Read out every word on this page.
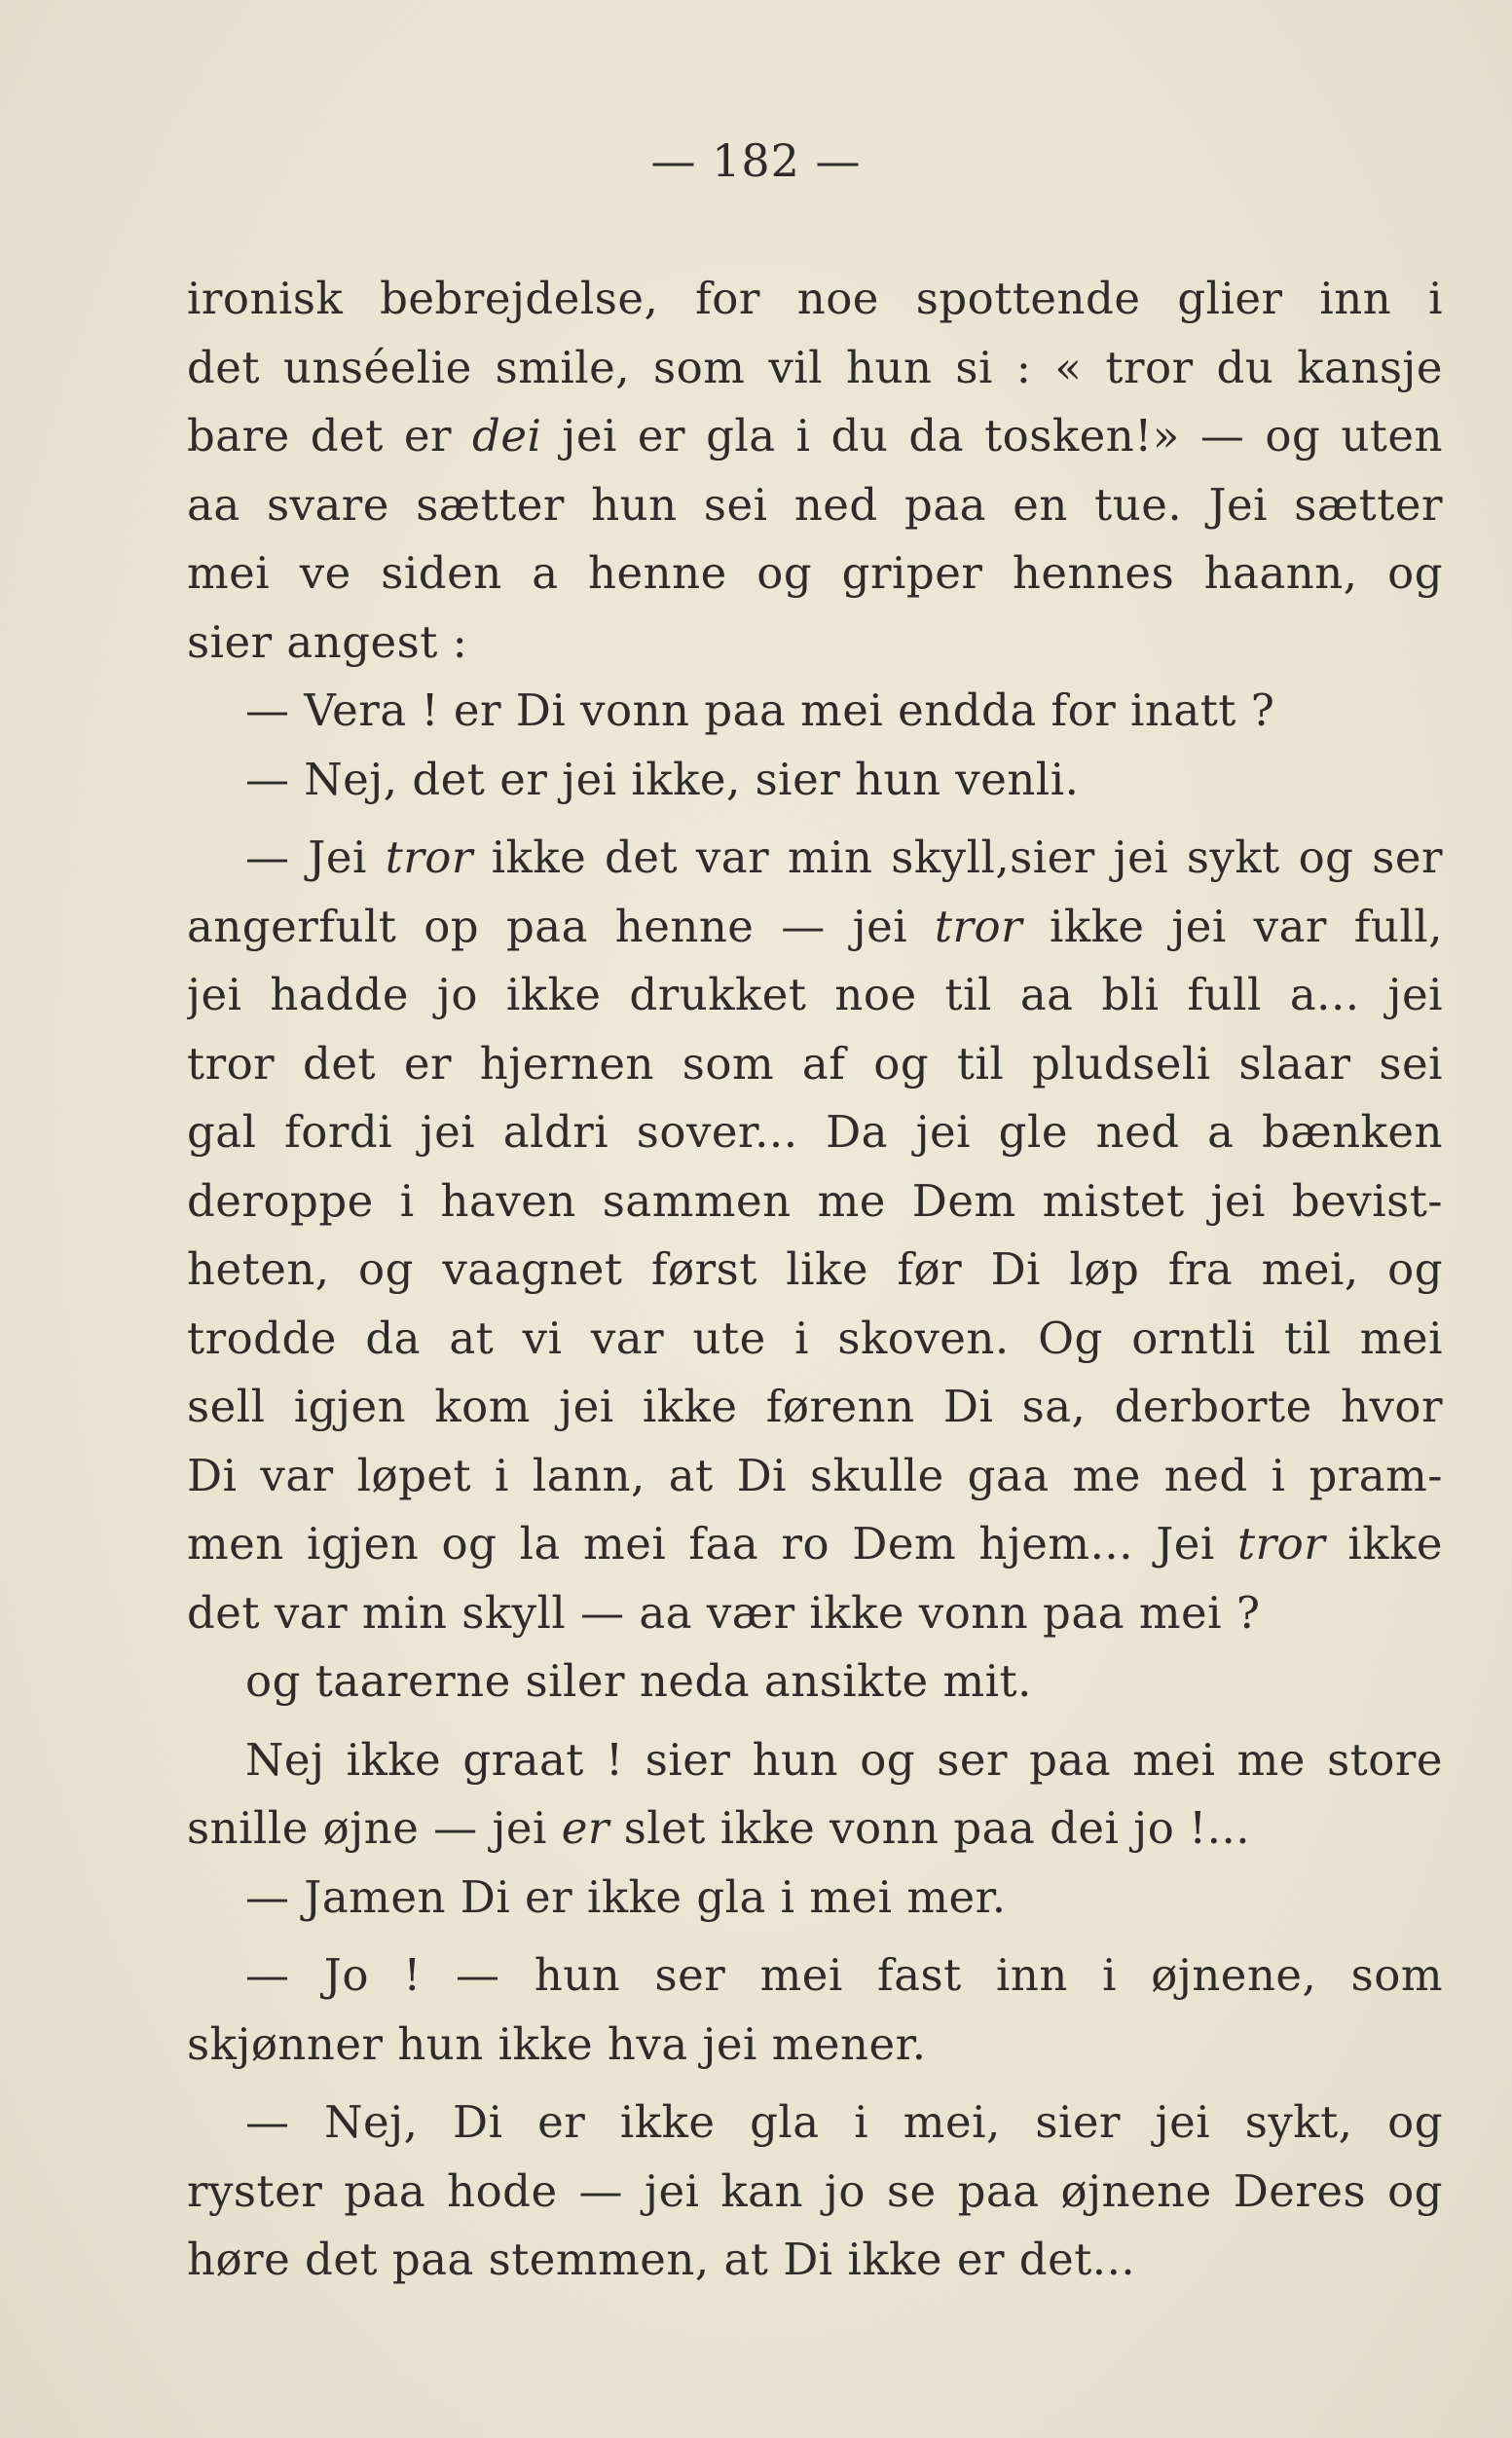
— 182 —
ironisk bebrejdelse, for noe spottende glier inn i
det unséelie smile, som vil hun si : « tror du kansje
bare det er dei jei er gla i du da tosken!» — og uten
aa svare sætter hun sei ned paa en tue. Jei sætter
mei ve siden a henne og griper hennes haann, og
sier angest :
— Vera ! er Di vonn paa mei endda for inatt ?
— Nej, det er jei ikke, sier hun venli.
— Jei tror ikke det var min skyll,sier jei sykt og ser
angerfult op paa henne — jei tror ikke jei var full,
jei hadde jo ikke drukket noe til aa bli full a... jei
tror det er hjernen som af og til pludseli slaar sei
gal fordi jei aldri sover... Da jei gle ned a bænken
deroppe i haven sammen me Dem mistet jei bevist-
heten, og vaagnet først like før Di løp fra mei, og
trodde da at vi var ute i skoven. Og orntli til mei
sell igjen kom jei ikke førenn Di sa, derborte hvor
Di var løpet i lann, at Di skulle gaa me ned i pram-
men igjen og la mei faa ro Dem hjem... Jei tror ikke
det var min skyll — aa vær ikke vonn paa mei ?
og taarerne siler neda ansikte mit.
Nej ikke graat ! sier hun og ser paa mei me store
snille øjne — jei er slet ikke vonn paa dei jo !...
— Jamen Di er ikke gla i mei mer.
— Jo ! — hun ser mei fast inn i øjnene, som
skjønner hun ikke hva jei mener.
— Nej, Di er ikke gla i mei, sier jei sykt, og
ryster paa hode — jei kan jo se paa øjnene Deres og
høre det paa stemmen, at Di ikke er det...
